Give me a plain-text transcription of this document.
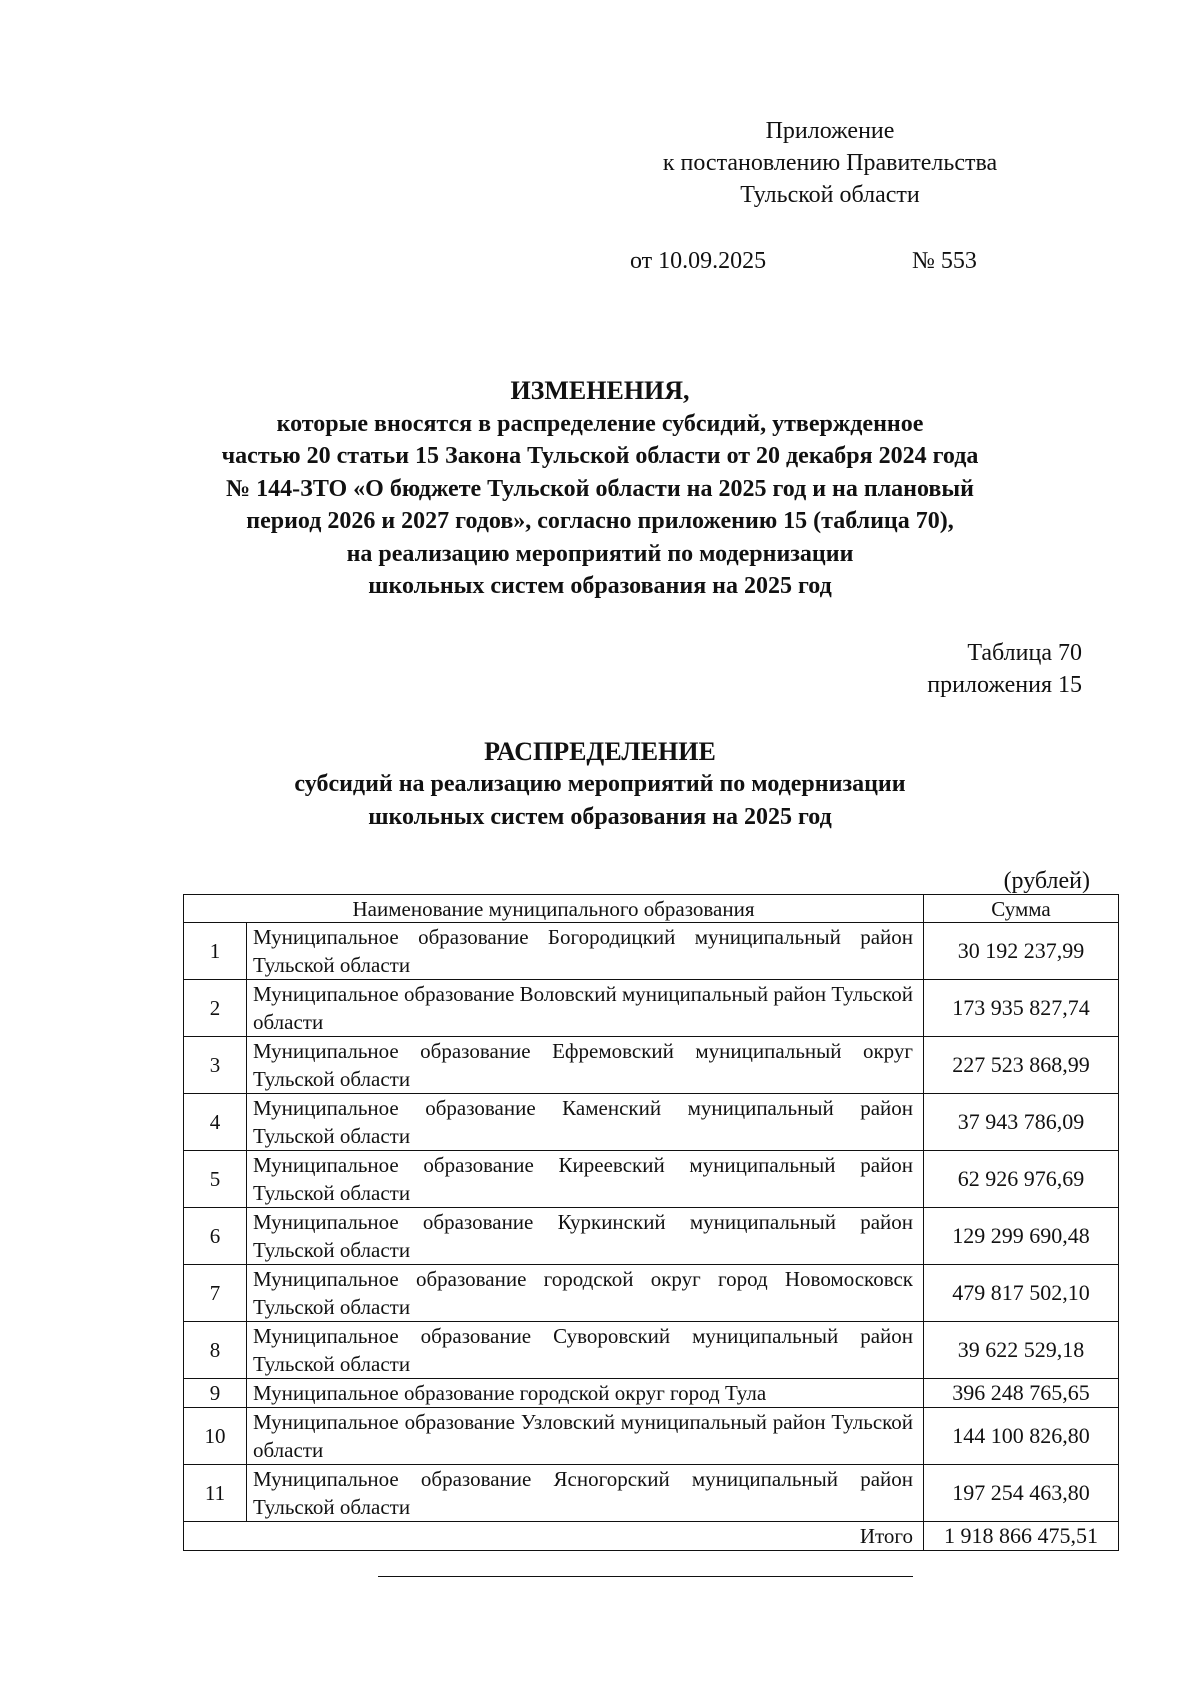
Приложение
к постановлению Правительства
Тульской области
от 10.09.2025	№ 553
ИЗМЕНЕНИЯ,
которые вносятся в распределение субсидий, утвержденное
частью 20 статьи 15 Закона Тульской области от 20 декабря 2024 года
№ 144-ЗТО «О бюджете Тульской области на 2025 год и на плановый
период 2026 и 2027 годов», согласно приложению 15 (таблица 70),
на реализацию мероприятий по модернизации
школьных систем образования на 2025 год
Таблица 70
приложения 15
РАСПРЕДЕЛЕНИЕ
субсидий на реализацию мероприятий по модернизации
школьных систем образования на 2025 год
(рублей)
Наименование муниципального образования		Сумма
1	Муниципальное образование Богородицкий муниципальный район Тульской области	30 192 237,99
2	Муниципальное образование Воловский муниципальный район Тульской области	173 935 827,74
3	Муниципальное образование Ефремовский муниципальный округ Тульской области	227 523 868,99
4	Муниципальное образование Каменский муниципальный район Тульской области	37 943 786,09
5	Муниципальное образование Киреевский муниципальный район Тульской области	62 926 976,69
6	Муниципальное образование Куркинский муниципальный район Тульской области	129 299 690,48
7	Муниципальное образование городской округ город Новомосковск Тульской области	479 817 502,10
8	Муниципальное образование Суворовский муниципальный район Тульской области	39 622 529,18
9	Муниципальное образование городской округ город Тула	396 248 765,65
10	Муниципальное образование Узловский муниципальный район Тульской области	144 100 826,80
11	Муниципальное образование Ясногорский муниципальный район Тульской области	197 254 463,80
Итого		1 918 866 475,51
